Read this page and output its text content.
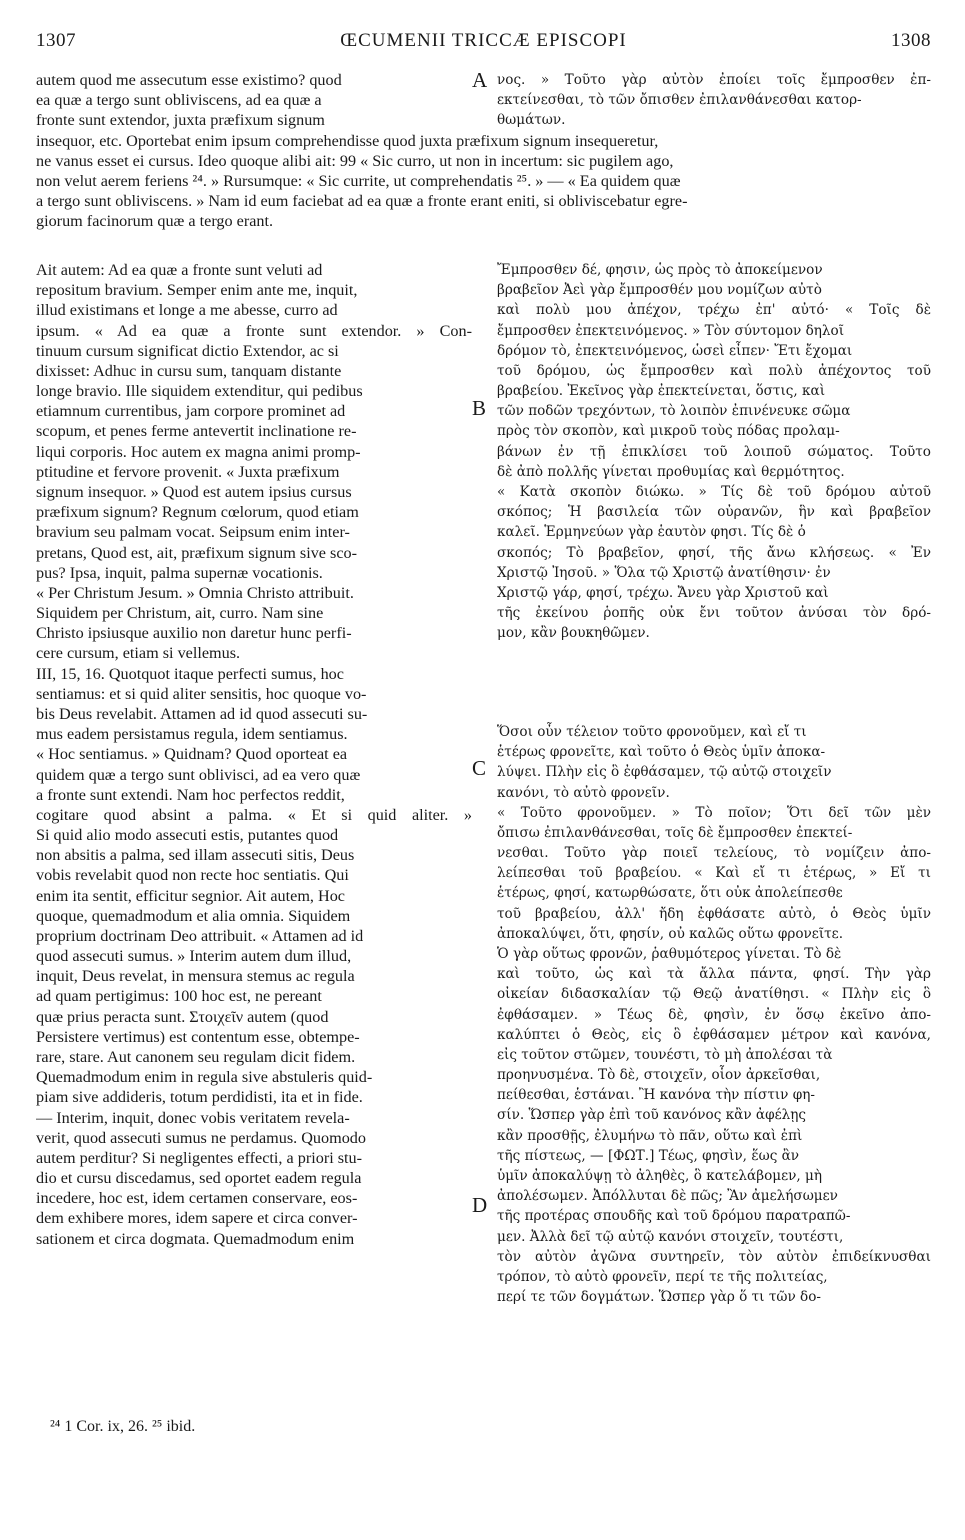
1307	ŒCUMENII TRICCÆ EPISCOPI	1308
autem quod me assecutum esse existimo? quod
ea quæ a tergo sunt obliviscens, ad ea quæ a
fronte sunt extendor, juxta præfixum signum
insequor, etc. Oportebat enim ipsum comprehendisse quod juxta præfixum signum insequeretur,
ne vanus esset ei cursus. Ideo quoque alibi ait: 99 « Sic curro, ut non in incertum: sic pugilem ago,
non velut aerem feriens ²⁴. » Rursumque: « Sic currite, ut comprehendatis ²⁵. » — « Ea quidem quæ
a tergo sunt obliviscens. » Nam id eum faciebat ad ea quæ a fronte erant eniti, si obliviscebatur egre-
giorum facinorum quæ a tergo erant.
νος. » Τοῦτο γὰρ αὐτὸν ἐποίει τοῖς ἔμπροσθεν ἐπ-
εκτείνεσθαι, τὸ τῶν ὄπισθεν ἐπιλανθάνεσθαι κατορ-
θωμάτων.
Ait autem: Ad ea quæ a fronte sunt veluti ad
repositum bravium. Semper enim ante me, inquit,
illud existimans et longe a me abesse, curro ad
ipsum. « Ad ea quæ a fronte sunt extendor. » Con-
tinuum cursum significat dictio Extendor, ac si
dixisset: Adhuc in cursu sum, tanquam distante
longe bravio. Ille siquidem extenditur, qui pedibus
etiamnum currentibus, jam corpore prominet ad
scopum, et penes ferme antevertit inclinatione re-
liqui corporis. Hoc autem ex magna animi promp-
ptitudine et fervore provenit. « Juxta præfixum
signum insequor. » Quod est autem ipsius cursus
præfixum signum? Regnum cœlorum, quod etiam
bravium seu palmam vocat. Seipsum enim inter-
pretans, Quod est, ait, præfixum signum sive sco-
pus? Ipsa, inquit, palma supernæ vocationis.
« Per Christum Jesum. » Omnia Christo attribuit.
Siquidem per Christum, ait, curro. Nam sine
Christo ipsiusque auxilio non daretur hunc perfi-
cere cursum, etiam si vellemus.
III, 15, 16. Quotquot itaque perfecti sumus, hoc
sentiamus: et si quid aliter sensitis, hoc quoque vo-
bis Deus revelabit. Attamen ad id quod assecuti su-
mus eadem persistamus regula, idem sentiamus.
« Hoc sentiamus. » Quidnam? Quod oporteat ea
quidem quæ a tergo sunt oblivisci, ad ea vero quæ
a fronte sunt extendi. Nam hoc perfectos reddit,
cogitare quod absint a palma. « Et si quid aliter. »
Si quid alio modo assecuti estis, putantes quod
non absitis a palma, sed illam assecuti sitis, Deus
vobis revelabit quod non recte hoc sentiatis. Qui
enim ita sentit, efficitur segnior. Ait autem, Hoc
quoque, quemadmodum et alia omnia. Siquidem
proprium doctrinam Deo attribuit. « Attamen ad id
quod assecuti sumus. » Interim autem dum illud,
inquit, Deus revelat, in mensura stemus ac regula
ad quam pertigimus: 100 hoc est, ne pereant
quæ prius peracta sunt. Στοιχεῖν autem (quod
Persistere vertimus) est contentum esse, obtempe-
rare, stare. Aut canonem seu regulam dicit fidem.
Quemadmodum enim in regula sive abstuleris quid-
piam sive addideris, totum perdidisti, ita et in fide.
— Interim, inquit, donec vobis veritatem revela-
verit, quod assecuti sumus ne perdamus. Quomodo
autem perditur? Si negligentes effecti, a priori stu-
dio et cursu discedamus, sed oportet eadem regula
incedere, hoc est, idem certamen conservare, eos-
dem exhibere mores, idem sapere et circa conver-
sationem et circa dogmata. Quemadmodum enim
Ἔμπροσθεν δέ, φησιν, ὡς πρὸς τὸ ἀποκείμενον
βραβεῖον Ἀεὶ γὰρ ἔμπροσθέν μου νομίζων αὐτὸ
καὶ πολὺ μου ἀπέχον, τρέχω ἐπ' αὐτό· « Τοῖς δὲ
ἔμπροσθεν ἐπεκτεινόμενος. » Τὸν σύντομον δηλοῖ
δρόμον τὸ, ἐπεκτεινόμενος, ὡσεὶ εἶπεν· Ἔτι ἔχομαι
τοῦ δρόμου, ὡς ἔμπροσθεν καὶ πολὺ ἀπέχοντος τοῦ
βραβείου. Ἐκεῖνος γὰρ ἐπεκτείνεται, ὅστις, καὶ
τῶν ποδῶν τρεχόντων, τὸ λοιπὸν ἐπινένευκε σῶμα
πρὸς τὸν σκοπὸν, καὶ μικροῦ τοὺς πόδας προλαμ-
βάνων ἐν τῇ ἐπικλίσει τοῦ λοιποῦ σώματος. Τοῦτο
δὲ ἀπὸ πολλῆς γίνεται προθυμίας καὶ θερμότητος.
« Κατὰ σκοπὸν διώκω. » Τίς δὲ τοῦ δρόμου αὐτοῦ
σκόπος; Ἡ βασιλεία τῶν οὐρανῶν, ἣν καὶ βραβεῖον
καλεῖ. Ἑρμηνεύων γὰρ ἑαυτὸν φησι. Τίς δὲ ὁ
σκοπός; Τὸ βραβεῖον, φησί, τῆς ἄνω κλήσεως. « Ἐν
Χριστῷ Ἰησοῦ. » Ὅλα τῷ Χριστῷ ἀνατίθησιν· ἐν
Χριστῷ γάρ, φησί, τρέχω. Ἄνευ γὰρ Χριστοῦ καὶ
τῆς ἐκείνου ῥοπῆς οὐκ ἔνι τοῦτον ἀνύσαι τὸν δρό-
μον, κἂν βουκηθῶμεν.
Ὅσοι οὖν τέλειον τοῦτο φρονοῦμεν, καὶ εἴ τι
ἑτέρως φρονεῖτε, καὶ τοῦτο ὁ Θεὸς ὑμῖν ἀποκα-
λύψει. Πλὴν εἰς ὃ ἐφθάσαμεν, τῷ αὐτῷ στοιχεῖν
κανόνι, τὸ αὐτὸ φρονεῖν.
« Τοῦτο φρονοῦμεν. » Τὸ ποῖον; Ὅτι δεῖ τῶν μὲν
ὄπισω ἐπιλανθάνεσθαι, τοῖς δὲ ἔμπροσθεν ἐπεκτεί-
νεσθαι. Τοῦτο γὰρ ποιεῖ τελείους, τὸ νομίζειν ἀπο-
λείπεσθαι τοῦ βραβείου. « Καὶ εἴ τι ἑτέρως, » Εἴ τι
ἑτέρως, φησί, κατωρθώσατε, ὅτι οὐκ ἀπολείπεσθε
τοῦ βραβείου, ἀλλ' ἤδη ἐφθάσατε αὐτὸ, ὁ Θεὸς ὑμῖν
ἀποκαλύψει, ὅτι, φησίν, οὐ καλῶς οὕτω φρονεῖτε.
Ὁ γὰρ οὕτως φρονῶν, ῥαθυμότερος γίνεται. Τὸ δὲ
καὶ τοῦτο, ὡς καὶ τὰ ἄλλα πάντα, φησί. Τὴν γὰρ
οἰκείαν διδασκαλίαν τῷ Θεῷ ἀνατίθησι. « Πλὴν εἰς ὃ
ἐφθάσαμεν. » Τέως δὲ, φησὶν, ἐν ὅσῳ ἐκεῖνο ἀπο-
καλύπτει ὁ Θεὸς, εἰς ὃ ἐφθάσαμεν μέτρον καὶ κανόνα,
εἰς τοῦτον στῶμεν, τουνέστι, τὸ μὴ ἀπολέσαι τὰ
προηνυσμένα. Τὸ δὲ, στοιχεῖν, οἷον ἀρκεῖσθαι,
πείθεσθαι, ἑστάναι. Ἢ κανόνα τὴν πίστιν φη-
σίν. Ὥσπερ γὰρ ἐπὶ τοῦ κανόνος κἂν ἀφέλῃς
κἂν προσθῇς, ἐλυμήνω τὸ πᾶν, οὕτω καὶ ἐπὶ
τῆς πίστεως, — [ΦΩΤ.] Τέως, φησὶν, ἕως ἂν
ὑμῖν ἀποκαλύψῃ τὸ ἀληθὲς, ὃ κατελάβομεν, μὴ
ἀπολέσωμεν. Ἀπόλλυται δὲ πῶς; Ἂν ἀμελήσωμεν
τῆς προτέρας σπουδῆς καὶ τοῦ δρόμου παρατραπῶ-
μεν. Ἀλλὰ δεῖ τῷ αὐτῷ κανόνι στοιχεῖν, τουτέστι,
τὸν αὐτὸν ἀγῶνα συντηρεῖν, τὸν αὐτὸν ἐπιδείκνυσθαι
τρόπον, τὸ αὐτὸ φρονεῖν, περί τε τῆς πολιτείας,
περί τε τῶν δογμάτων. Ὥσπερ γὰρ ὅ τι τῶν δο-
A
B
C
D
²⁴ 1 Cor. ix, 26. ²⁵ ibid.
